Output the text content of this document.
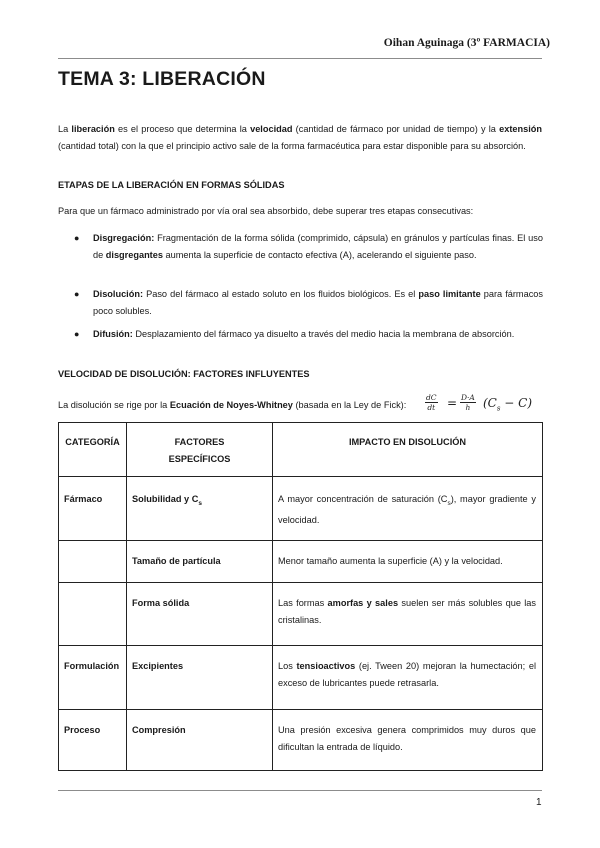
Oihan Aguinaga (3º FARMACIA)
TEMA 3: LIBERACIÓN
La liberación es el proceso que determina la velocidad (cantidad de fármaco por unidad de tiempo) y la extensión (cantidad total) con la que el principio activo sale de la forma farmacéutica para estar disponible para su absorción.
ETAPAS DE LA LIBERACIÓN EN FORMAS SÓLIDAS
Para que un fármaco administrado por vía oral sea absorbido, debe superar tres etapas consecutivas:
● Disgregación: Fragmentación de la forma sólida (comprimido, cápsula) en gránulos y partículas finas. El uso de disgregantes aumenta la superficie de contacto efectiva (A), acelerando el siguiente paso.
● Disolución: Paso del fármaco al estado soluto en los fluidos biológicos. Es el paso limitante para fármacos poco solubles.
● Difusión: Desplazamiento del fármaco ya disuelto a través del medio hacia la membrana de absorción.
VELOCIDAD DE DISOLUCIÓN: FACTORES INFLUYENTES
La disolución se rige por la Ecuación de Noyes-Whitney (basada en la Ley de Fick):	$\frac{dC}{dt} = \frac{D\cdot A}{h} (C_s - C)$
CATEGORÍA	FACTORES ESPECÍFICOS	IMPACTO EN DISOLUCIÓN
Fármaco	Solubilidad y $C_s$	A mayor concentración de saturación $(C_s)$, mayor gradiente y velocidad.
	Tamaño de partícula	Menor tamaño aumenta la superficie (A) y la velocidad.
	Forma sólida	Las formas amorfas y sales suelen ser más solubles que las cristalinas.
Formulación	Excipientes	Los tensioactivos (ej. Tween 20) mejoran la humectación; el exceso de lubricantes puede retrasarla.
Proceso	Compresión	Una presión excesiva genera comprimidos muy duros que dificultan la entrada de líquido.
1
